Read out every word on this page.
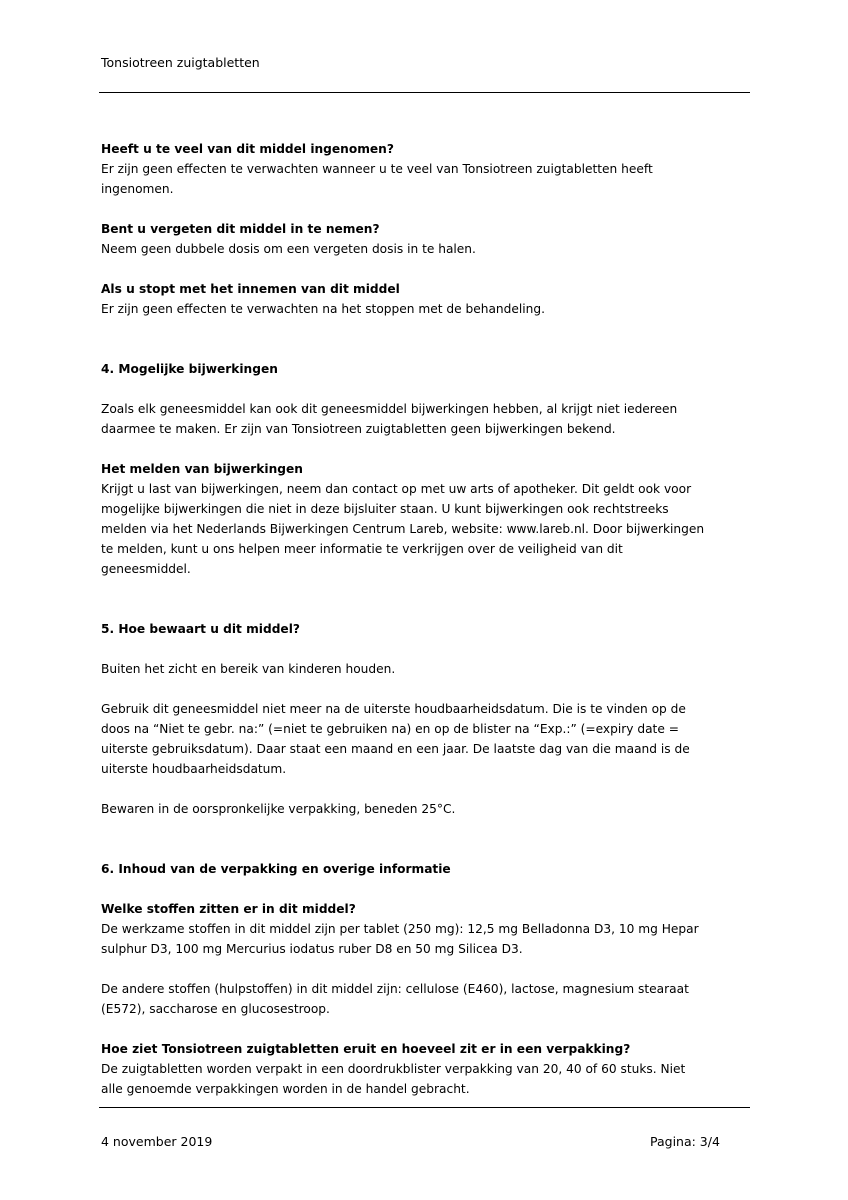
Tonsiotreen zuigtabletten

Heeft u te veel van dit middel ingenomen?

Er zijn geen effecten te verwachten wanneer u te veel van Tonsiotreen zuigtabletten heeft

ingenomen.

Bent u vergeten dit middel in te nemen?

Neem geen dubbele dosis om een vergeten dosis in te halen.

Als u stopt met het innemen van dit middel

Er zijn geen effecten te verwachten na het stoppen met de behandeling.

4. Mogelijke bijwerkingen

Zoals elk geneesmiddel kan ook dit geneesmiddel bijwerkingen hebben, al krijgt niet iedereen

daarmee te maken. Er zijn van Tonsiotreen zuigtabletten geen bijwerkingen bekend.

Het melden van bijwerkingen

Krijgt u last van bijwerkingen, neem dan contact op met uw arts of apotheker. Dit geldt ook voor

mogelijke bijwerkingen die niet in deze bijsluiter staan. U kunt bijwerkingen ook rechtstreeks

melden via het Nederlands Bijwerkingen Centrum Lareb, website: www.lareb.nl. Door bijwerkingen

te melden, kunt u ons helpen meer informatie te verkrijgen over de veiligheid van dit

geneesmiddel.

5. Hoe bewaart u dit middel?

Buiten het zicht en bereik van kinderen houden.

Gebruik dit geneesmiddel niet meer na de uiterste houdbaarheidsdatum. Die is te vinden op de

doos na “Niet te gebr. na:” (=niet te gebruiken na) en op de blister na “Exp.:” (=expiry date =

uiterste gebruiksdatum). Daar staat een maand en een jaar. De laatste dag van die maand is de

uiterste houdbaarheidsdatum.

Bewaren in de oorspronkelijke verpakking, beneden 25°C.

6. Inhoud van de verpakking en overige informatie

Welke stoffen zitten er in dit middel?

De werkzame stoffen in dit middel zijn per tablet (250 mg): 12,5 mg Belladonna D3, 10 mg Hepar

sulphur D3, 100 mg Mercurius iodatus ruber D8 en 50 mg Silicea D3.

De andere stoffen (hulpstoffen) in dit middel zijn: cellulose (E460), lactose, magnesium stearaat

(E572), saccharose en glucosestroop.

Hoe ziet Tonsiotreen zuigtabletten eruit en hoeveel zit er in een verpakking?

De zuigtabletten worden verpakt in een doordrukblister verpakking van 20, 40 of 60 stuks. Niet

alle genoemde verpakkingen worden in de handel gebracht.

4 november 2019	Pagina: 3/4
